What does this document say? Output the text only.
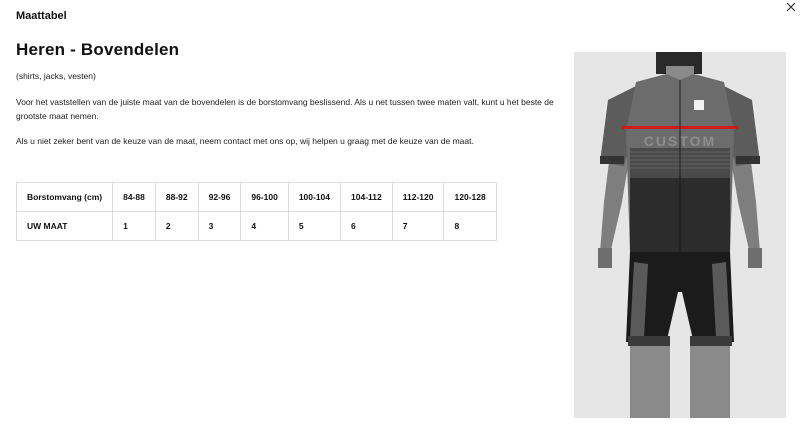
Maattabel
Heren - Bovendelen
(shirts, jacks, vesten)
Voor het vaststellen van de juiste maat van de bovendelen is de borstomvang beslissend. Als u net tussen twee maten valt, kunt u het beste de grootste maat nemen.
Als u niet zeker bent van de keuze van de maat, neem contact met ons op, wij helpen u graag met de keuze van de maat.
Borstomvang (cm)	84-88	88-92	92-96	96-100	100-104	104-112	112-120	120-128
UW MAAT	1	2	3	4	5	6	7	8
CUSTOM
